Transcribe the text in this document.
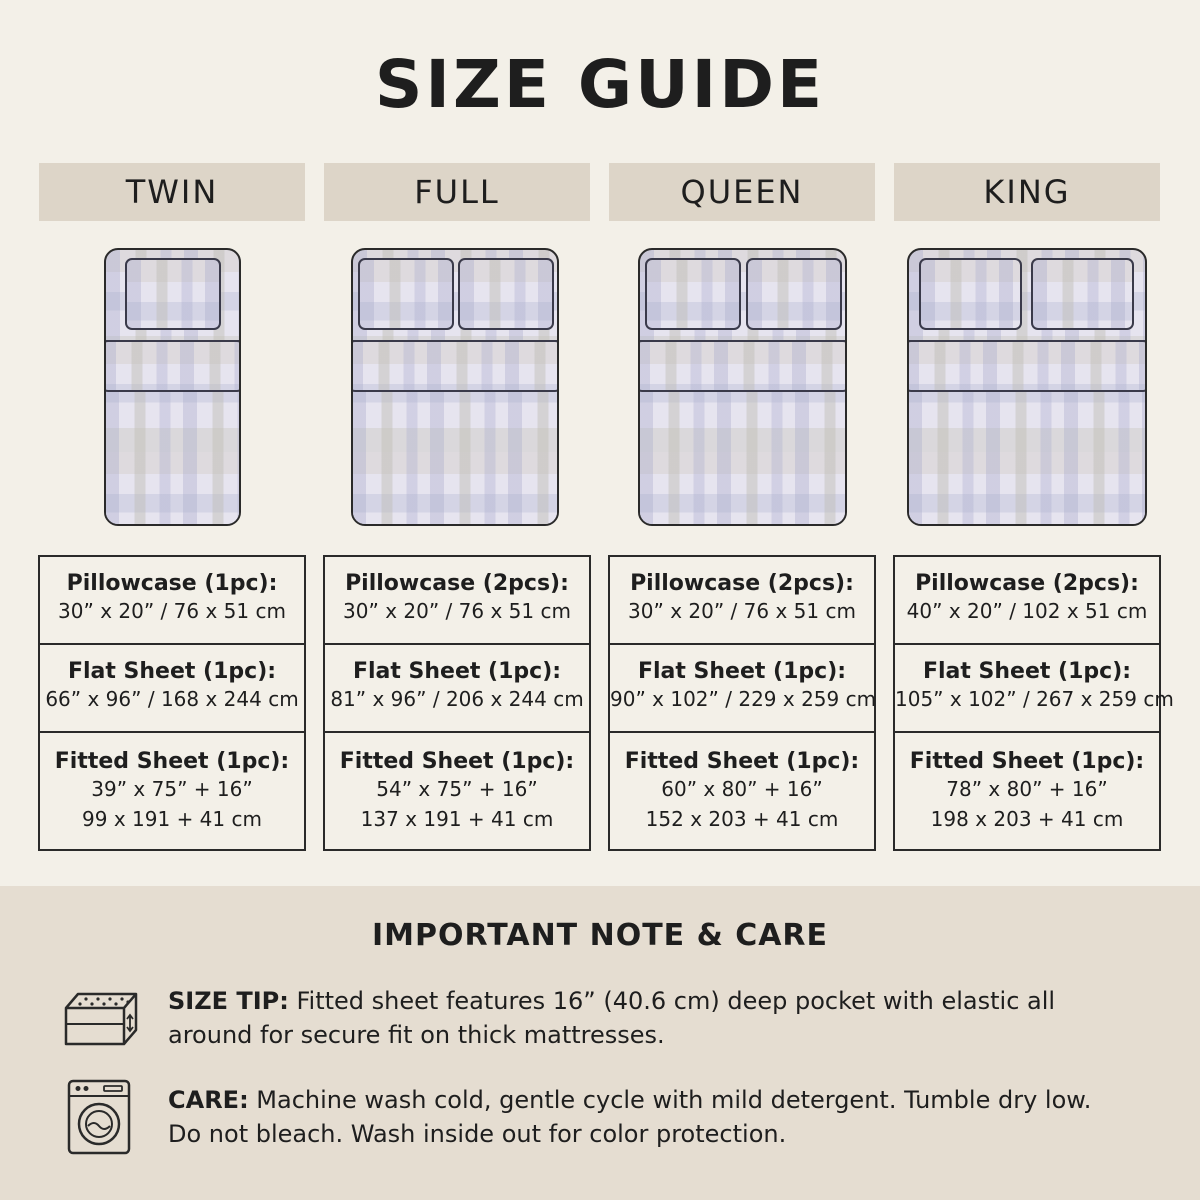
SIZE GUIDE
TWIN	FULL	QUEEN	KING
Pillowcase (1pc):
30” x 20” / 76 x 51 cm
Flat Sheet (1pc):
66” x 96” / 168 x 244 cm
Fitted Sheet (1pc):
39” x 75” + 16”
99 x 191 + 41 cm
Pillowcase (2pcs):
30” x 20” / 76 x 51 cm
Flat Sheet (1pc):
81” x 96” / 206 x 244 cm
Fitted Sheet (1pc):
54” x 75” + 16”
137 x 191 + 41 cm
Pillowcase (2pcs):
30” x 20” / 76 x 51 cm
Flat Sheet (1pc):
90” x 102” / 229 x 259 cm
Fitted Sheet (1pc):
60” x 80” + 16”
152 x 203 + 41 cm
Pillowcase (2pcs):
40” x 20” / 102 x 51 cm
Flat Sheet (1pc):
105” x 102” / 267 x 259 cm
Fitted Sheet (1pc):
78” x 80” + 16”
198 x 203 + 41 cm
IMPORTANT NOTE & CARE
SIZE TIP: Fitted sheet features 16” (40.6 cm) deep pocket with elastic all around for secure fit on thick mattresses.
CARE: Machine wash cold, gentle cycle with mild detergent. Tumble dry low. Do not bleach. Wash inside out for color protection.
